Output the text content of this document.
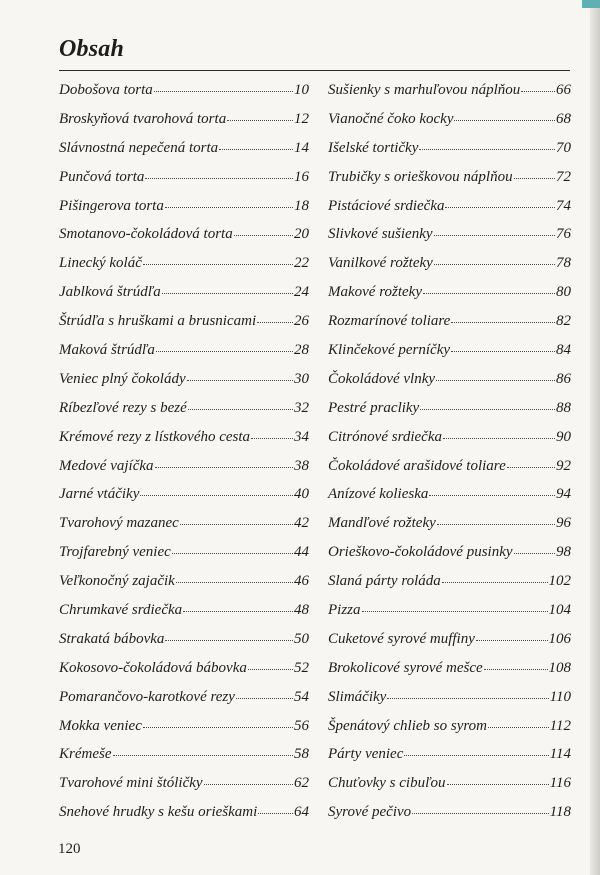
Obsah
Dobošova torta	10
Broskyňová tvarohová torta	12
Slávnostná nepečená torta	14
Punčová torta	16
Pišingerova torta	18
Smotanovo-čokoládová torta	20
Linecký koláč	22
Jablková štrúdľa	24
Štrúdľa s hruškami a brusnicami	26
Maková štrúdľa	28
Veniec plný čokolády	30
Ríbezľové rezy s bezé	32
Krémové rezy z lístkového cesta	34
Medové vajíčka	38
Jarné vtáčiky	40
Tvarohový mazanec	42
Trojfarebný veniec	44
Veľkonočný zajačik	46
Chrumkavé srdiečka	48
Strakatá bábovka	50
Kokosovo-čokoládová bábovka	52
Pomarančovo-karotkové rezy	54
Mokka veniec	56
Krémeše	58
Tvarohové mini štóličky	62
Snehové hrudky s kešu orieškami 64
Sušienky s marhuľovou náplňou 66
Vianočné čoko kocky	68
Išelské tortičky	70
Trubičky s orieškovou náplňou	72
Pistáciové srdiečka	74
Slivkové sušienky	76
Vanilkové rožteky	78
Makové rožteky	80
Rozmarínové toliare	82
Klinčekové perníčky	84
Čokoládové vlnky	86
Pestré pracliky	88
Citrónové srdiečka	90
Čokoládové arašidové toliare	92
Anízové kolieska	94
Mandľové rožteky	96
Orieškovo-čokoládové pusinky	98
Slaná párty roláda	102
Pizza	104
Cuketové syrové muffiny	106
Brokolicové syrové mešce	108
Slimáčiky	110
Špenátový chlieb so syrom	112
Párty veniec	114
Chuťovky s cibuľou	116
Syrové pečivo	118
120
